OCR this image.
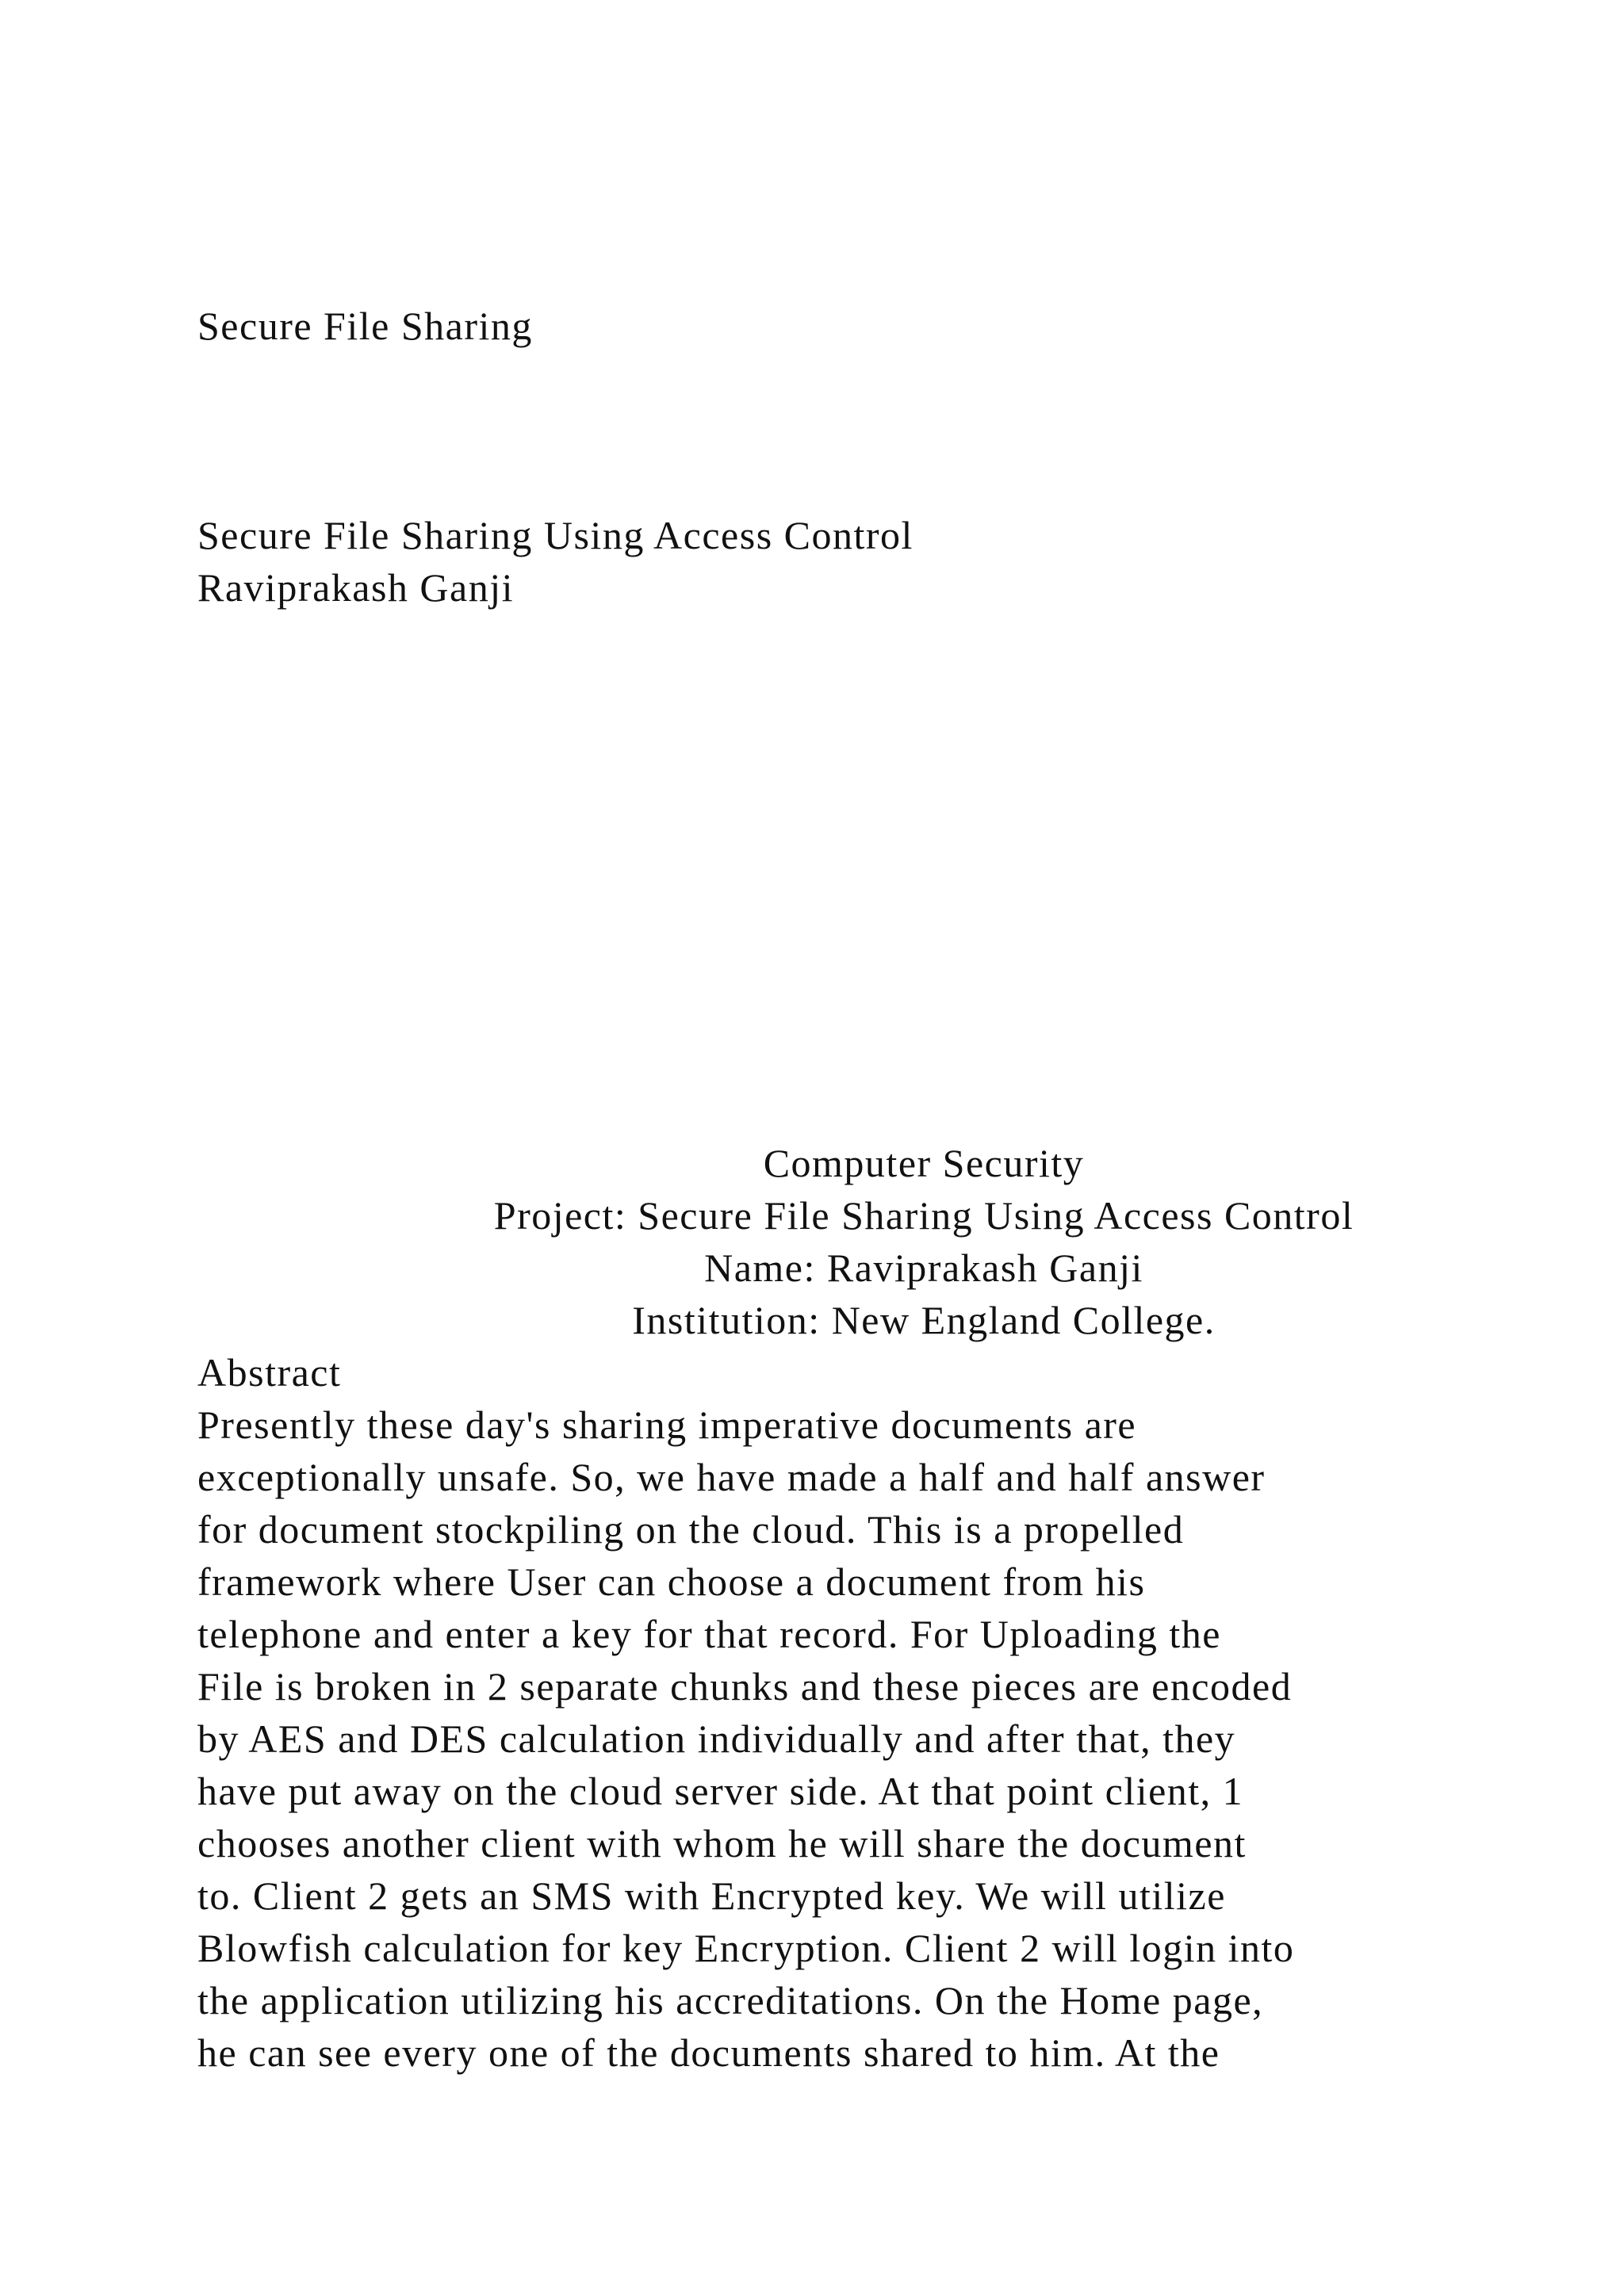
Secure File Sharing
Secure File Sharing Using Access Control
Raviprakash Ganji
Computer Security
Project: Secure File Sharing Using Access Control
Name: Raviprakash Ganji
Institution: New England College.
Abstract
Presently these day's sharing imperative documents are
exceptionally unsafe. So, we have made a half and half answer
for document stockpiling on the cloud. This is a propelled
framework where User can choose a document from his
telephone and enter a key for that record. For Uploading the
File is broken in 2 separate chunks and these pieces are encoded
by AES and DES calculation individually and after that, they
have put away on the cloud server side. At that point client, 1
chooses another client with whom he will share the document
to. Client 2 gets an SMS with Encrypted key. We will utilize
Blowfish calculation for key Encryption. Client 2 will login into
the application utilizing his accreditations. On the Home page,
he can see every one of the documents shared to him. At the
